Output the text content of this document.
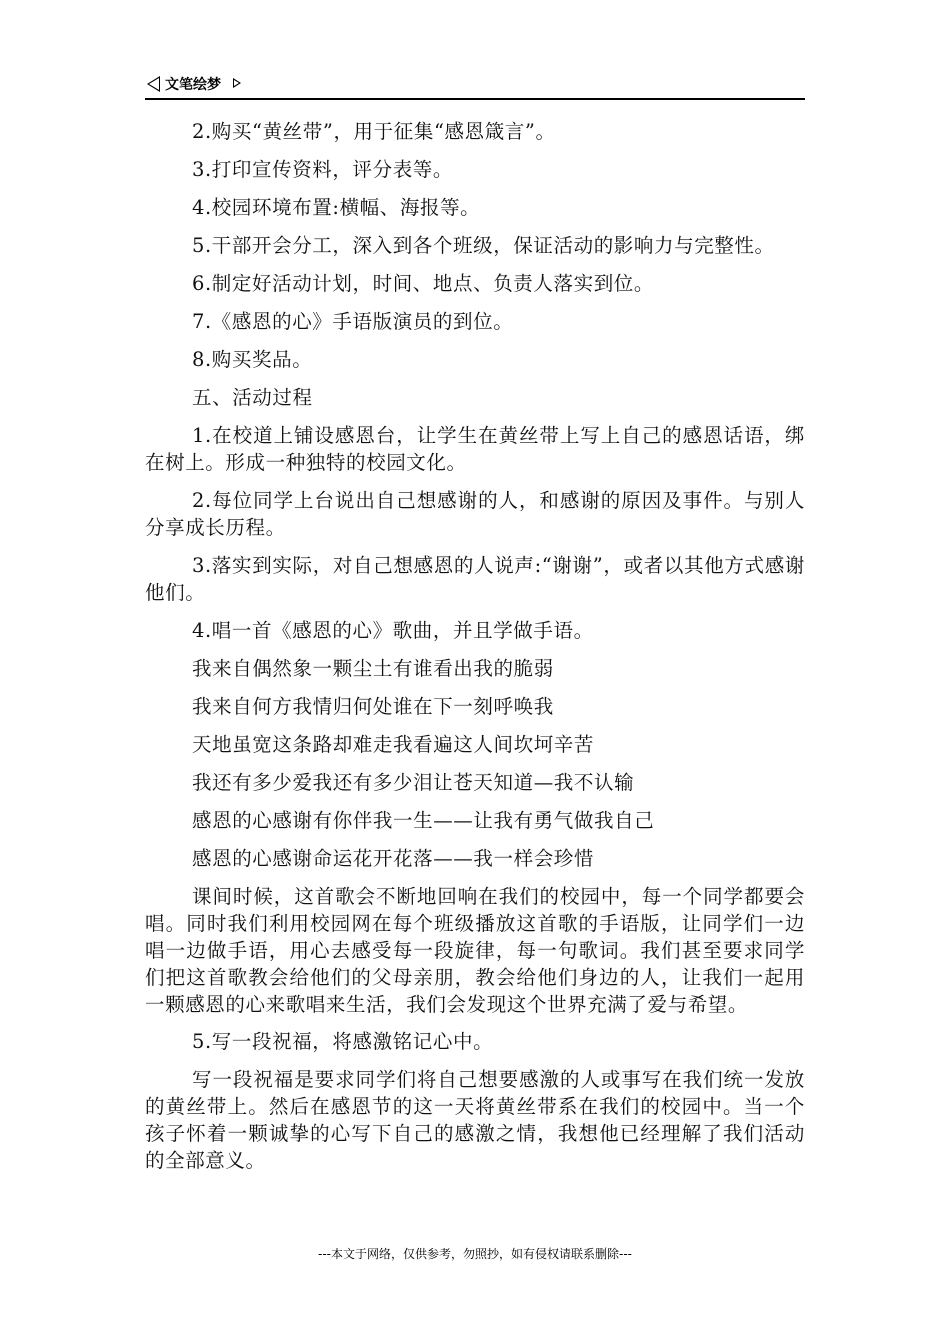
文笔绘梦

2.购买“黄丝带”，用于征集“感恩箴言”。

3.打印宣传资料，评分表等。

4.校园环境布置:横幅、海报等。

5.干部开会分工，深入到各个班级，保证活动的影响力与完整性。

6.制定好活动计划，时间、地点、负责人落实到位。

7.《感恩的心》手语版演员的到位。

8.购买奖品。

五、活动过程

1.在校道上铺设感恩台，让学生在黄丝带上写上自己的感恩话语，绑在树上。形成一种独特的校园文化。

2.每位同学上台说出自己想感谢的人，和感谢的原因及事件。与别人分享成长历程。

3.落实到实际，对自己想感恩的人说声:“谢谢”，或者以其他方式感谢他们。

4.唱一首《感恩的心》歌曲，并且学做手语。

我来自偶然象一颗尘土有谁看出我的脆弱

我来自何方我情归何处谁在下一刻呼唤我

天地虽宽这条路却难走我看遍这人间坎坷辛苦

我还有多少爱我还有多少泪让苍天知道—我不认输

感恩的心感谢有你伴我一生——让我有勇气做我自己

感恩的心感谢命运花开花落——我一样会珍惜

课间时候，这首歌会不断地回响在我们的校园中，每一个同学都要会唱。同时我们利用校园网在每个班级播放这首歌的手语版，让同学们一边唱一边做手语，用心去感受每一段旋律，每一句歌词。我们甚至要求同学们把这首歌教会给他们的父母亲朋，教会给他们身边的人，让我们一起用一颗感恩的心来歌唱来生活，我们会发现这个世界充满了爱与希望。

5.写一段祝福，将感激铭记心中。

写一段祝福是要求同学们将自己想要感激的人或事写在我们统一发放的黄丝带上。然后在感恩节的这一天将黄丝带系在我们的校园中。当一个孩子怀着一颗诚挚的心写下自己的感激之情，我想他已经理解了我们活动的全部意义。

---本文于网络，仅供参考，勿照抄，如有侵权请联系删除---
